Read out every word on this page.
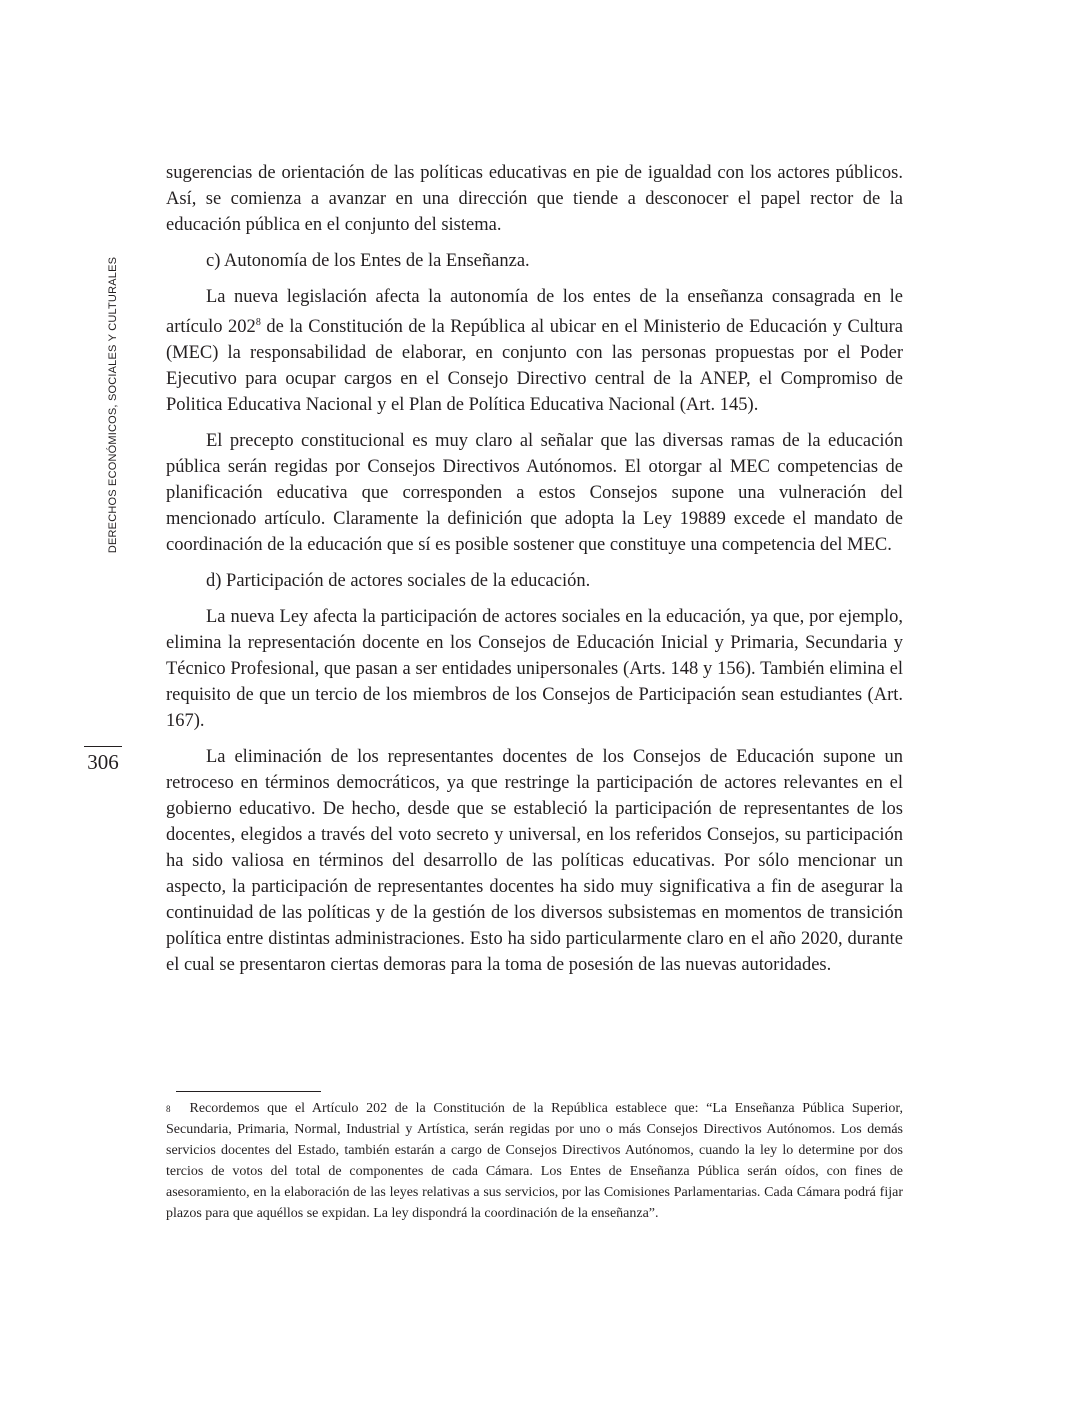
DERECHOS ECONÓMICOS, SOCIALES Y CULTURALES
306

sugerencias de orientación de las políticas educativas en pie de igualdad con los actores públicos. Así, se comienza a avanzar en una dirección que tiende a desconocer el papel rector de la educación pública en el conjunto del sistema.

c) Autonomía de los Entes de la Enseñanza.

La nueva legislación afecta la autonomía de los entes de la enseñanza consagrada en le artículo $202^8$ de la Constitución de la República al ubicar en el Ministerio de Educación y Cultura (MEC) la responsabilidad de elaborar, en conjunto con las personas propuestas por el Poder Ejecutivo para ocupar cargos en el Consejo Directivo central de la ANEP, el Compromiso de Politica Educativa Nacional y el Plan de Política Educativa Nacional (Art. 145).

El precepto constitucional es muy claro al señalar que las diversas ramas de la educación pública serán regidas por Consejos Directivos Autónomos. El otorgar al MEC competencias de planificación educativa que corresponden a estos Consejos supone una vulneración del mencionado artículo. Claramente la definición que adopta la Ley 19889 excede el mandato de coordinación de la educación que sí es posible sostener que constituye una competencia del MEC.

d) Participación de actores sociales de la educación.

La nueva Ley afecta la participación de actores sociales en la educación, ya que, por ejemplo, elimina la representación docente en los Consejos de Educación Inicial y Primaria, Secundaria y Técnico Profesional, que pasan a ser entidades unipersonales (Arts. 148 y 156). También elimina el requisito de que un tercio de los miembros de los Consejos de Participación sean estudiantes (Art. 167).

La eliminación de los representantes docentes de los Consejos de Educación supone un retroceso en términos democráticos, ya que restringe la participación de actores relevantes en el gobierno educativo. De hecho, desde que se estableció la participación de representantes de los docentes, elegidos a través del voto secreto y universal, en los referidos Consejos, su participación ha sido valiosa en términos del desarrollo de las políticas educativas. Por sólo mencionar un aspecto, la participación de representantes docentes ha sido muy significativa a fin de asegurar la continuidad de las políticas y de la gestión de los diversos subsistemas en momentos de transición política entre distintas administraciones. Esto ha sido particularmente claro en el año 2020, durante el cual se presentaron ciertas demoras para la toma de posesión de las nuevas autoridades.

$^8$ Recordemos que el Artículo 202 de la Constitución de la República establece que: “La Enseñanza Pública Superior, Secundaria, Primaria, Normal, Industrial y Artística, serán regidas por uno o más Consejos Directivos Autónomos. Los demás servicios docentes del Estado, también estarán a cargo de Consejos Directivos Autónomos, cuando la ley lo determine por dos tercios de votos del total de componentes de cada Cámara. Los Entes de Enseñanza Pública serán oídos, con fines de asesoramiento, en la elaboración de las leyes relativas a sus servicios, por las Comisiones Parlamentarias. Cada Cámara podrá fijar plazos para que aquéllos se expidan. La ley dispondrá la coordinación de la enseñanza”.
